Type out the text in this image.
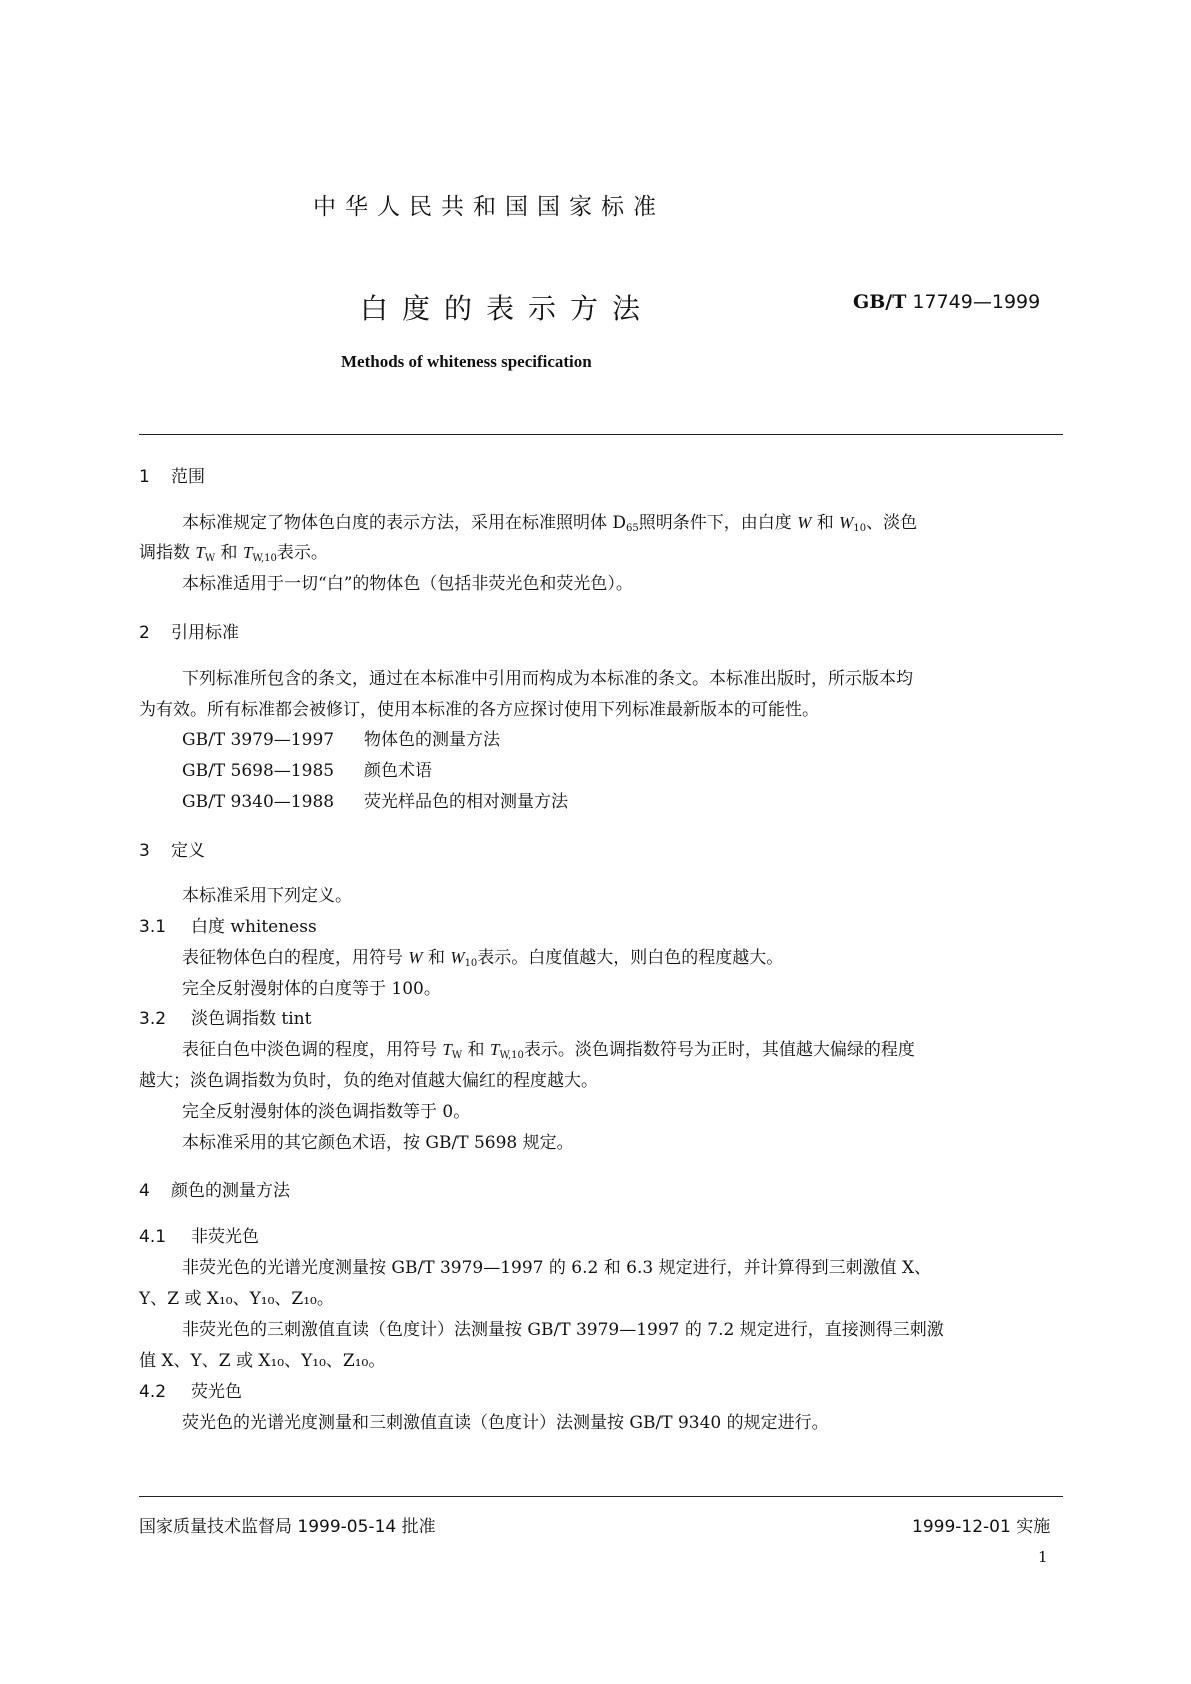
中华人民共和国国家标准
白度的表示方法	GB/T 17749—1999
Methods of whiteness specification
1 范围
本标准规定了物体色白度的表示方法，采用在标准照明体 $D_{65}$照明条件下，由白度 W 和 $W_{10}$、淡色
调指数 $T_W$ 和 $T_{W,10}$表示。
本标准适用于一切“白”的物体色（包括非荧光色和荧光色）。
2 引用标准
下列标准所包含的条文，通过在本标准中引用而构成为本标准的条文。本标准出版时，所示版本均
为有效。所有标准都会被修订，使用本标准的各方应探讨使用下列标准最新版本的可能性。
GB/T 3979—1997 物体色的测量方法
GB/T 5698—1985 颜色术语
GB/T 9340—1988 荧光样品色的相对测量方法
3 定义
本标准采用下列定义。
3.1 白度 whiteness
表征物体色白的程度，用符号 W 和 $W_{10}$表示。白度值越大，则白色的程度越大。
完全反射漫射体的白度等于 100。
3.2 淡色调指数 tint
表征白色中淡色调的程度，用符号 $T_W$ 和 $T_{W,10}$表示。淡色调指数符号为正时，其值越大偏绿的程度
越大；淡色调指数为负时，负的绝对值越大偏红的程度越大。
完全反射漫射体的淡色调指数等于 0。
本标准采用的其它颜色术语，按 GB/T 5698 规定。
4 颜色的测量方法
4.1 非荧光色
非荧光色的光谱光度测量按 GB/T 3979—1997 的 6.2 和 6.3 规定进行，并计算得到三刺激值 X、
Y、Z 或 X₁₀、Y₁₀、Z₁₀。
非荧光色的三刺激值直读（色度计）法测量按 GB/T 3979—1997 的 7.2 规定进行，直接测得三刺激
值 X、Y、Z 或 X₁₀、Y₁₀、Z₁₀。
4.2 荧光色
荧光色的光谱光度测量和三刺激值直读（色度计）法测量按 GB/T 9340 的规定进行。
国家质量技术监督局 1999-05-14 批准	1999-12-01 实施
1
